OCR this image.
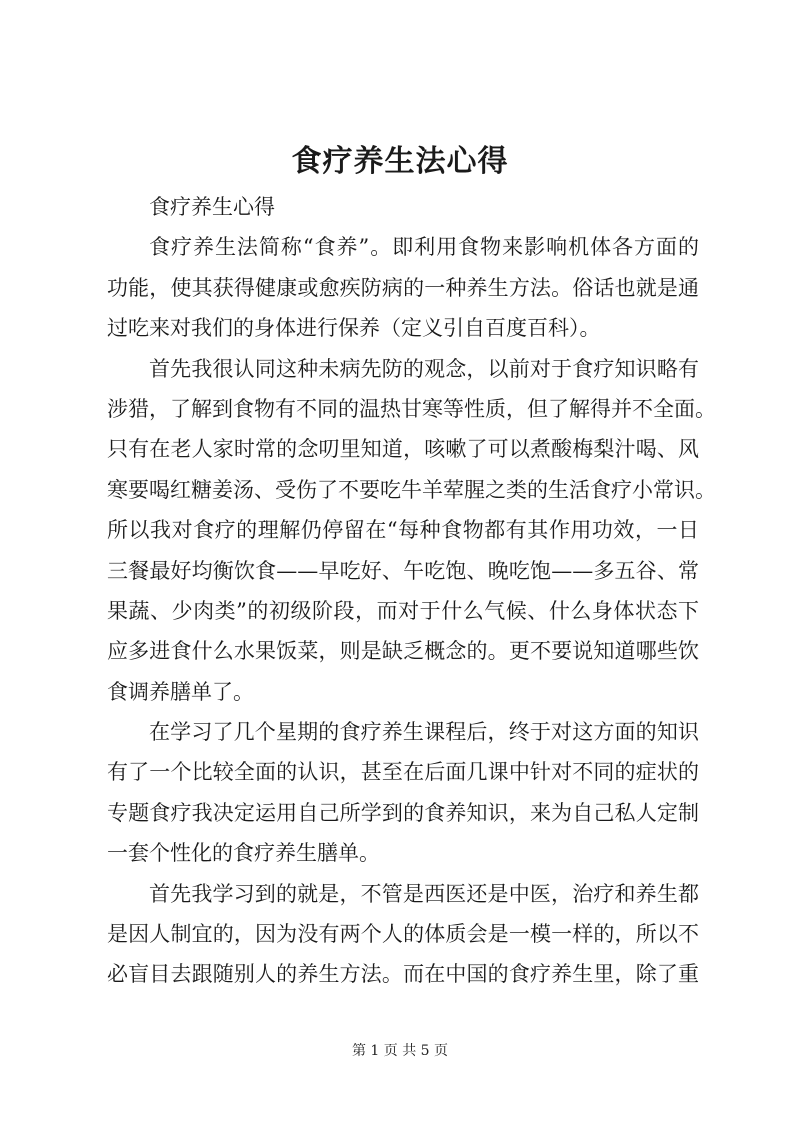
食疗养生法心得
食疗养生心得
食疗养生法简称“食养”。即利用食物来影响机体各方面的
功能，使其获得健康或愈疾防病的一种养生方法。俗话也就是通
过吃来对我们的身体进行保养（定义引自百度百科）。
首先我很认同这种未病先防的观念，以前对于食疗知识略有
涉猎，了解到食物有不同的温热甘寒等性质，但了解得并不全面。
只有在老人家时常的念叨里知道，咳嗽了可以煮酸梅梨汁喝、风
寒要喝红糖姜汤、受伤了不要吃牛羊荤腥之类的生活食疗小常识。
所以我对食疗的理解仍停留在“每种食物都有其作用功效，一日
三餐最好均衡饮食——早吃好、午吃饱、晚吃饱——多五谷、常
果蔬、少肉类”的初级阶段，而对于什么气候、什么身体状态下
应多进食什么水果饭菜，则是缺乏概念的。更不要说知道哪些饮
食调养膳单了。
在学习了几个星期的食疗养生课程后，终于对这方面的知识
有了一个比较全面的认识，甚至在后面几课中针对不同的症状的
专题食疗我决定运用自己所学到的食养知识，来为自己私人定制
一套个性化的食疗养生膳单。
首先我学习到的就是，不管是西医还是中医，治疗和养生都
是因人制宜的，因为没有两个人的体质会是一模一样的，所以不
必盲目去跟随别人的养生方法。而在中国的食疗养生里，除了重
第 1 页 共 5 页
